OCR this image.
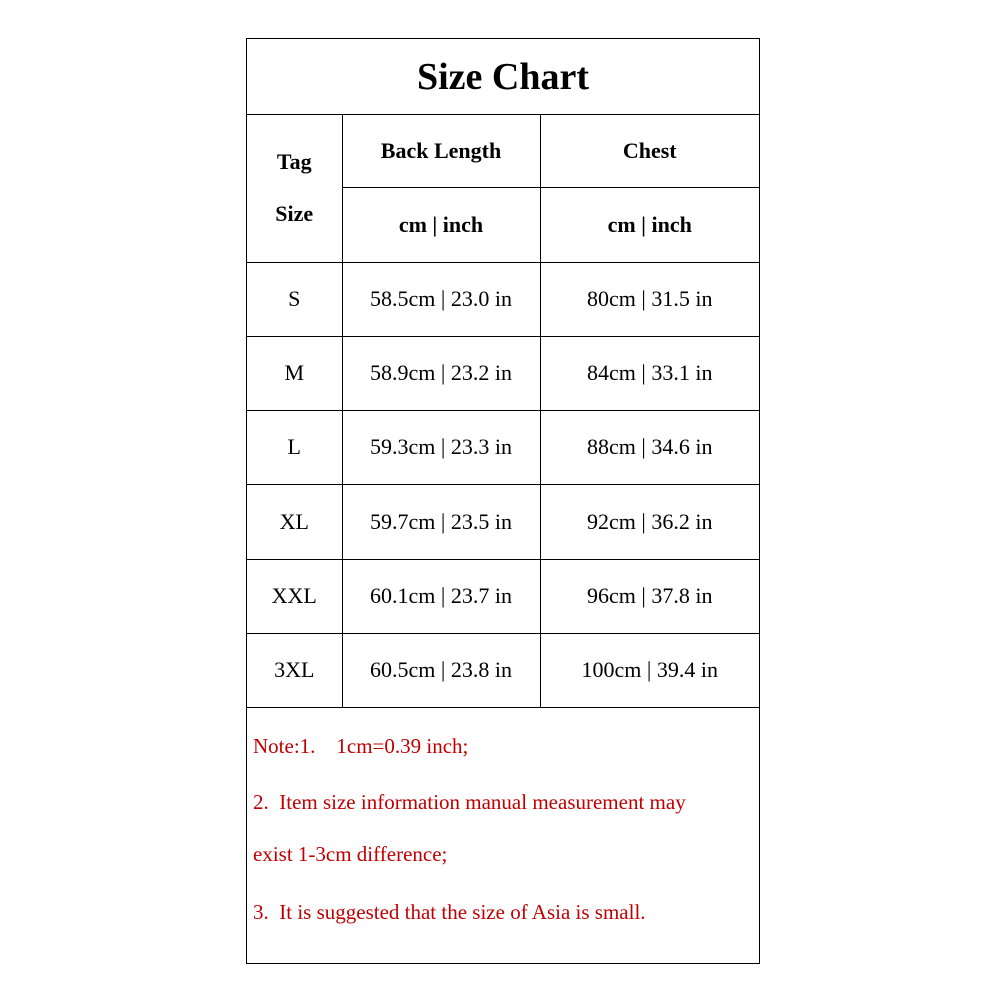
Size Chart
Tag
Size	Back Length	Chest
	cm | inch	cm | inch
S	58.5cm | 23.0 in	80cm | 31.5 in
M	58.9cm | 23.2 in	84cm | 33.1 in
L	59.3cm | 23.3 in	88cm | 34.6 in
XL	59.7cm | 23.5 in	92cm | 36.2 in
XXL	60.1cm | 23.7 in	96cm | 37.8 in
3XL	60.5cm | 23.8 in	100cm | 39.4 in
Note:1.    1cm=0.39 inch;
2.  Item size information manual measurement may
exist 1-3cm difference;
3.  It is suggested that the size of Asia is small.
